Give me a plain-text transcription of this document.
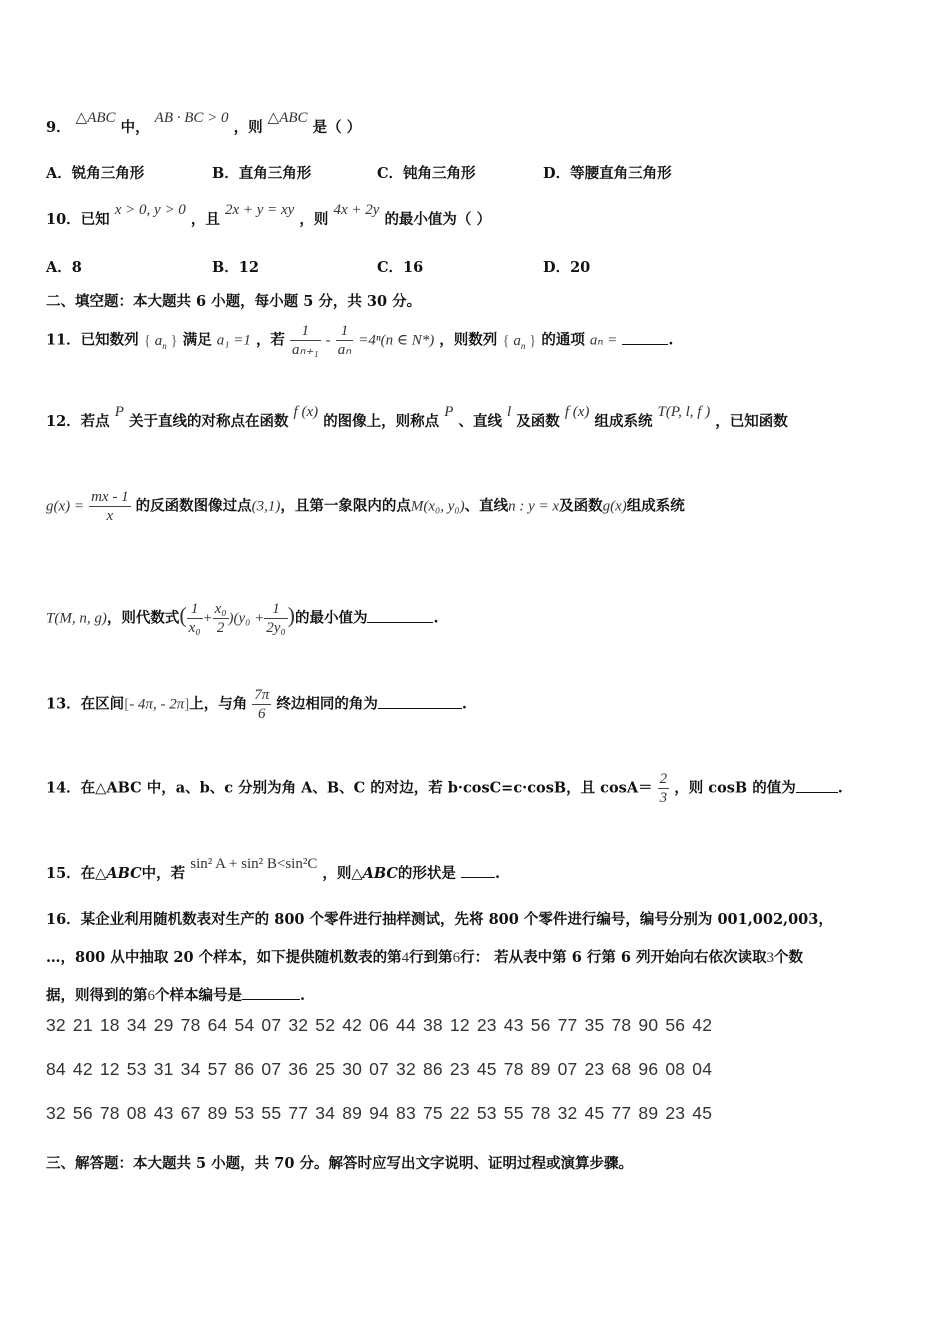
9． △ABC 中， AB · BC > 0 ，则 △ABC 是（ ）
A．锐角三角形	B．直角三角形	C．钝角三角形	D．等腰直角三角形
10．已知 x > 0, y > 0 ，且 2x + y = xy ，则 4x + 2y 的最小值为（ ）
A．8	B．12	C．16	D．20
二、填空题：本大题共 6 小题，每小题 5 分，共 30 分。
11．已知数列 { $a_n$ } 满足 a₁ =1 ，若 $\frac{1}{\text{aₙ₊₁}} - \frac{1}{\text{aₙ}} =4^n(n$ ∈ N*) ，则数列 { $a_n$ } 的通项 aₙ =	.
12．若点 P 关于直线的对称点在函数 f (x) 的图像上，则称点 P 、直线 l 及函数 f (x) 组成系统 T(P, l, f ) ，已知函数
$g(x) = \frac{mx - 1}{x}$ 的反函数图像过点(3,1)，且第一象限内的点M(x₀, y₀)、直线n : y = x及函数g(x)组成系统
T(M, n, g)，则代数式( $\frac{1}{\text{x₀}} + \frac{\text{x₀}}{2} )(y_0 + \frac{1}{\text{2y₀}}$ )的最小值为	.
13．在区间[- 4π, - 2π]上，与角 $\frac{7\pi}{6}$ 终边相同的角为	.
14．在△ABC 中，a、b、c 分别为角 A、B、C 的对边，若 b·cosC=c·cosB，且 $\cos A= \frac{2}{3}$ ，则 cosB 的值为	.
15．在△ABC中，若 sin² A + sin² B<sin²C ，则△ABC的形状是	.
16．某企业利用随机数表对生产的 800 个零件进行抽样测试，先将 800 个零件进行编号，编号分别为 001,002,003，
…，800 从中抽取 20 个样本，如下提供随机数表的第4行到第6行： 若从表中第 6 行第 6 列开始向右依次读取3个数
据，则得到的第6个样本编号是	.
32 21 18 34 29 78 64 54 07 32 52 42 06 44 38 12 23 43 56 77 35 78 90 56 42
84 42 12 53 31 34 57 86 07 36 25 30 07 32 86 23 45 78 89 07 23 68 96 08 04
32 56 78 08 43 67 89 53 55 77 34 89 94 83 75 22 53 55 78 32 45 77 89 23 45
三、解答题：本大题共 5 小题，共 70 分。解答时应写出文字说明、证明过程或演算步骤。
